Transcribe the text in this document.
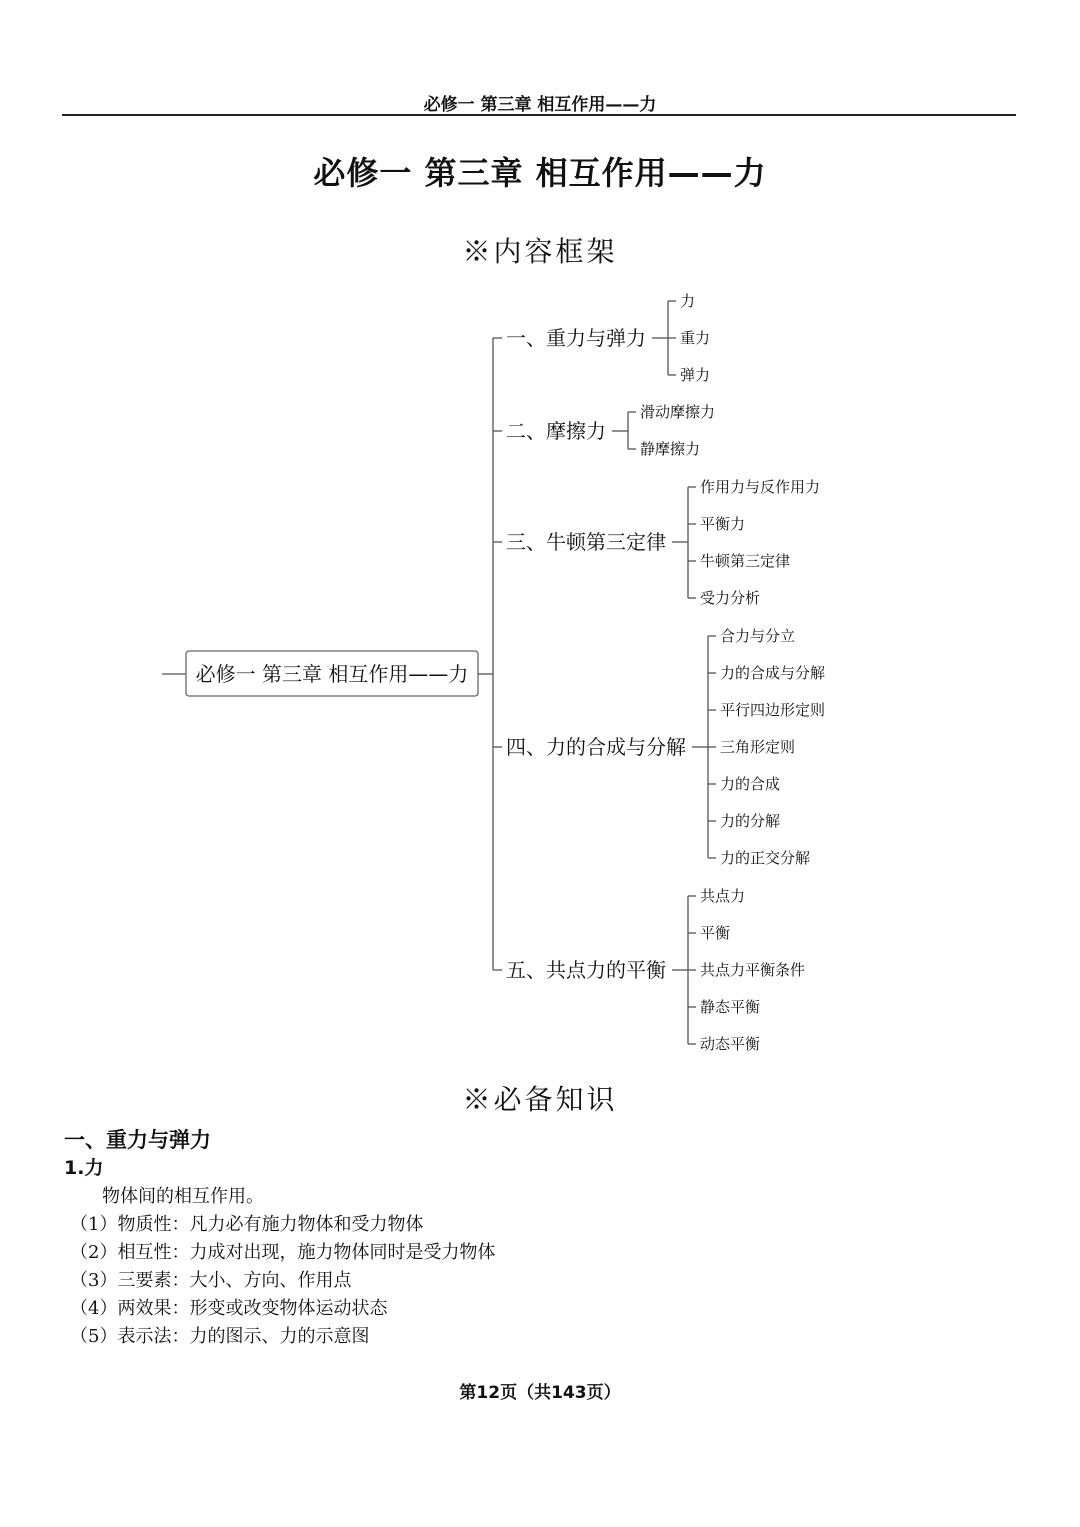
必修一 第三章 相互作用——力
必修一 第三章 相互作用——力
※内容框架
必修一 第三章 相互作用——力
一、重力与弹力
力
重力
弹力
二、摩擦力
滑动摩擦力
静摩擦力
三、牛顿第三定律
作用力与反作用力
平衡力
牛顿第三定律
受力分析
四、力的合成与分解
合力与分立
力的合成与分解
平行四边形定则
三角形定则
力的合成
力的分解
力的正交分解
五、共点力的平衡
共点力
平衡
共点力平衡条件
静态平衡
动态平衡
※必备知识
一、重力与弹力
1.力
物体间的相互作用。
（1）物质性：凡力必有施力物体和受力物体
（2）相互性：力成对出现，施力物体同时是受力物体
（3）三要素：大小、方向、作用点
（4）两效果：形变或改变物体运动状态
（5）表示法：力的图示、力的示意图
第12页（共143页）
